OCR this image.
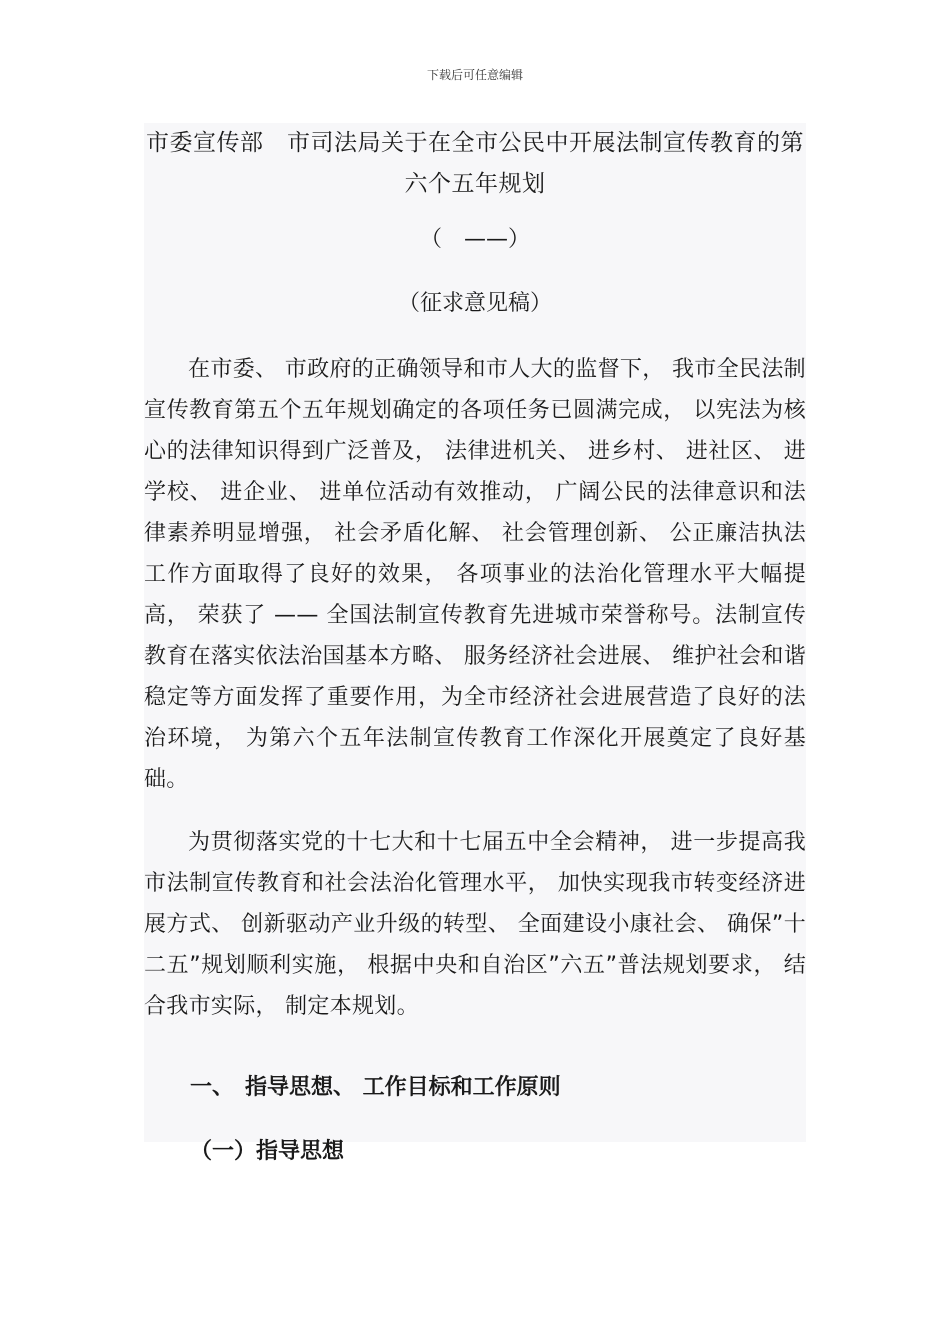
下载后可任意编辑
市委宣传部　市司法局关于在全市公民中开展法制宣传教育的第六个五年规划
（　——）
（征求意见稿）

在市委、 市政府的正确领导和市人大的监督下， 我市全民法制宣传教育第五个五年规划确定的各项任务已圆满完成， 以宪法为核心的法律知识得到广泛普及， 法律进机关、 进乡村、 进社区、 进学校、 进企业、 进单位活动有效推动， 广阔公民的法律意识和法律素养明显增强， 社会矛盾化解、 社会管理创新、 公正廉洁执法工作方面取得了良好的效果， 各项事业的法治化管理水平大幅提高， 荣获了 —— 全国法制宣传教育先进城市荣誉称号。法制宣传教育在落实依法治国基本方略、 服务经济社会进展、 维护社会和谐稳定等方面发挥了重要作用，为全市经济社会进展营造了良好的法治环境， 为第六个五年法制宣传教育工作深化开展奠定了良好基础。

为贯彻落实党的十七大和十七届五中全会精神， 进一步提高我市法制宣传教育和社会法治化管理水平， 加快实现我市转变经济进展方式、 创新驱动产业升级的转型、 全面建设小康社会、 确保”十二五”规划顺利实施， 根据中央和自治区”六五”普法规划要求， 结合我市实际， 制定本规划。

一、　指导思想、 工作目标和工作原则
（一）指导思想
